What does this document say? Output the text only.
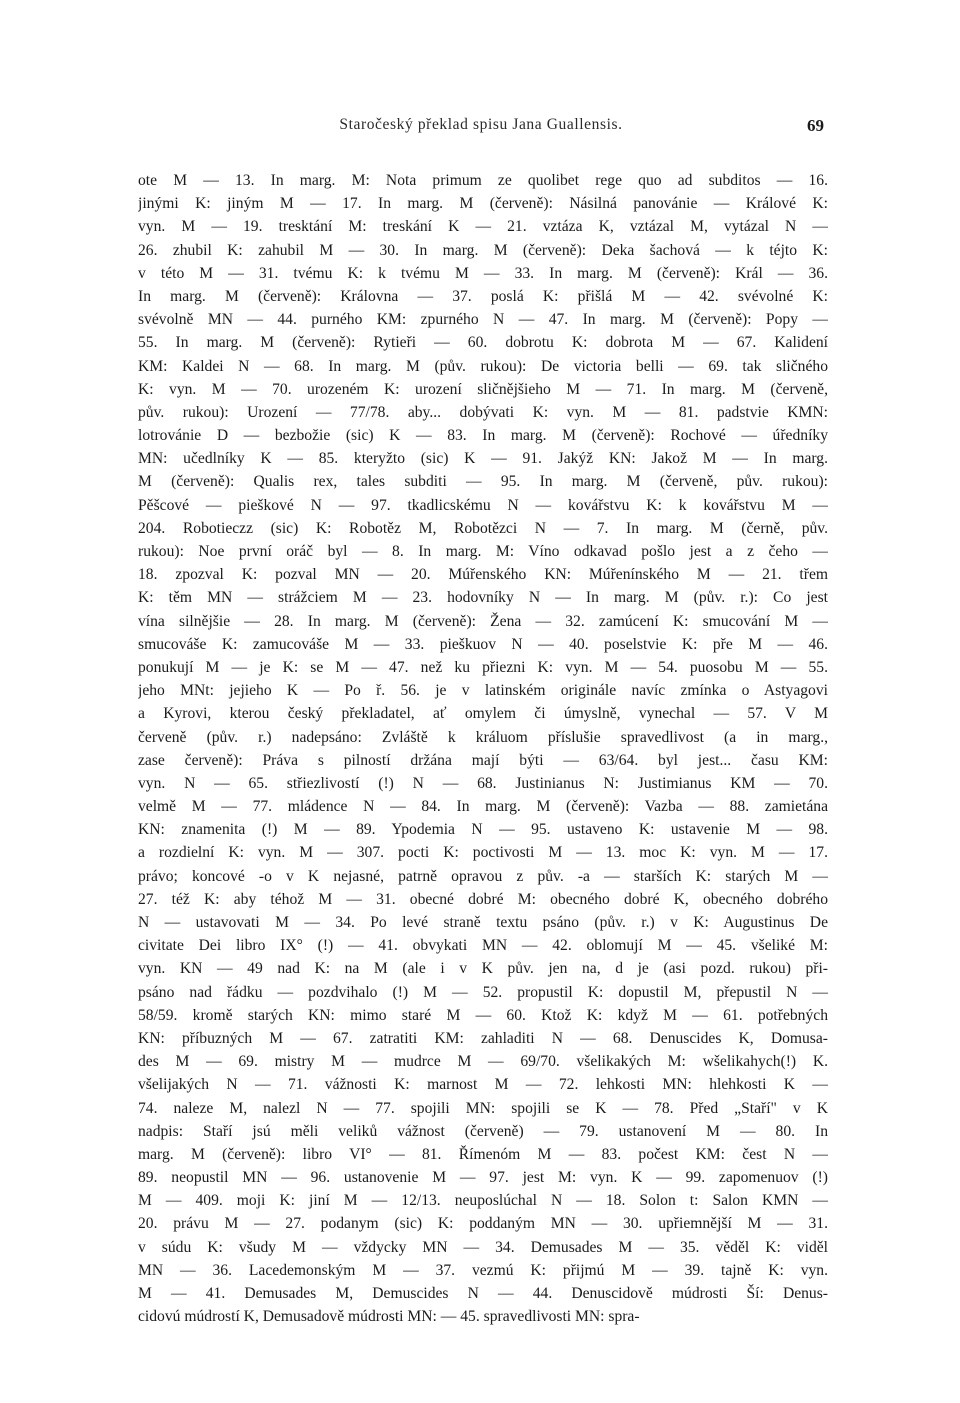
Staročeský překlad spisu Jana Guallensis.	69
ote M — 13. In marg. M: Nota primum ze quolibet rege quo ad subditos — 16.
jinými K: jiným M — 17. In marg. M (červeně): Násilná panovánie — Králové K:
vyn. M — 19. tresktání M: treskání K — 21. vztáza K, vztázal M, vytázal N —
26. zhubil K: zahubil M — 30. In marg. M (červeně): Deka šachová — k téjto K:
v této M — 31. tvému K: k tvému M — 33. In marg. M (červeně): Král — 36.
In marg. M (červeně): Královna — 37. poslá K: přišlá M — 42. svévolné K:
svévolně MN — 44. purného KM: zpurného N — 47. In marg. M (červeně): Popy —
55. In marg. M (červeně): Rytieři — 60. dobrotu K: dobrota M — 67. Kalidení
KM: Kaldei N — 68. In marg. M (pův. rukou): De victoria belli — 69. tak sličného
K: vyn. M — 70. urozeném K: urození sličnějšieho M — 71. In marg. M (červeně,
pův. rukou): Urození — 77/78. aby... dobývati K: vyn. M — 81. padstvie KMN:
lotrovánie D — bezbožie (sic) K — 83. In marg. M (červeně): Rochové — úředníky
MN: učedlníky K — 85. kteryžto (sic) K — 91. Jakýž KN: Jakož M — In marg.
M (červeně): Qualis rex, tales subditi — 95. In marg. M (červeně, pův. rukou):
Pěšcové — pieškové N — 97. tkadlicskému N — kovářstvu K: k kovářstvu M —
204. Robotieczz (sic) K: Robotěz M, Robotězci N — 7. In marg. M (černě, pův.
rukou): Noe první oráč byl — 8. In marg. M: Víno odkavad pošlo jest a z čeho —
18. zpozval K: pozval MN — 20. Múřenského KN: Múřenínského M — 21. třem
K: těm MN — strážciem M — 23. hodovníky N — In marg. M (pův. r.): Co jest
vína silnějšie — 28. In marg. M (červeně): Žena — 32. zamúcení K: smucování M —
smucováše K: zamucováše M — 33. pieškuov N — 40. poselstvie K: pře M — 46.
ponukují M — je K: se M — 47. než ku přiezni K: vyn. M — 54. puosobu M — 55.
jeho MNt: jejieho K — Po ř. 56. je v latinském originále navíc zmínka o Astyagovi
a Kyrovi, kterou český překladatel, ať omylem či úmyslně, vynechal — 57. V M
červeně (pův. r.) nadepsáno: Zvláště k králuom příslušie spravedlivost (a in marg.,
zase červeně): Práva s pilností držána mají býti — 63/64. byl jest... času KM:
vyn. N — 65. střiezlivostí (!) N — 68. Justinianus N: Justimianus KM — 70.
velmě M — 77. mládence N — 84. In marg. M (červeně): Vazba — 88. zamietána
KN: znamenita (!) M — 89. Ypodemia N — 95. ustaveno K: ustavenie M — 98.
a rozdielní K: vyn. M — 307. pocti K: poctivosti M — 13. moc K: vyn. M — 17.
právo; koncové -o v K nejasné, patrně opravou z pův. -a — starších K: starých M —
27. též K: aby téhož M — 31. obecné dobré M: obecného dobré K, obecného dobrého
N — ustavovati M — 34. Po levé straně textu psáno (pův. r.) v K: Augustinus De
civitate Dei libro IX° (!) — 41. obvykati MN — 42. oblomují M — 45. všeliké M:
vyn. KN — 49 nad K: na M (ale i v K pův. jen na, d je (asi pozd. rukou) při-
psáno nad řádku — pozdvihalo (!) M — 52. propustil K: dopustil M, přepustil N —
58/59. kromě starých KN: mimo staré M — 60. Ktož K: když M — 61. potřebných
KN: příbuzných M — 67. zatratiti KM: zahladiti N — 68. Denuscides K, Domusa-
des M — 69. mistry M — mudrce M — 69/70. všelikakých M: wšelikahych(!) K.
všelijakých N — 71. vážnosti K: marnost M — 72. lehkosti MN: hlehkosti K —
74. naleze M, nalezl N — 77. spojili MN: spojili se K — 78. Před „Staří" v K
nadpis: Staří jsú měli veliků vážnost (červeně) — 79. ustanovení M — 80. In
marg. M (červeně): libro VI° — 81. Římenóm M — 83. počest KM: čest N —
89. neopustil MN — 96. ustanovenie M — 97. jest M: vyn. K — 99. zapomenuov (!)
M — 409. moji K: jiní M — 12/13. neuposlúchal N — 18. Solon t: Salon KMN —
20. právu M — 27. podanym (sic) K: poddaným MN — 30. upřiemnější M — 31.
v súdu K: všudy M — vždycky MN — 34. Demusades M — 35. věděl K: viděl
MN — 36. Lacedemonským M — 37. vezmú K: přijmú M — 39. tajně K: vyn.
M — 41. Demusades M, Demuscides N — 44. Denuscidově múdrosti Ší: Denus-
cidovú múdrostí K, Demusadově múdrosti MN: — 45. spravedlivosti MN: spra-
